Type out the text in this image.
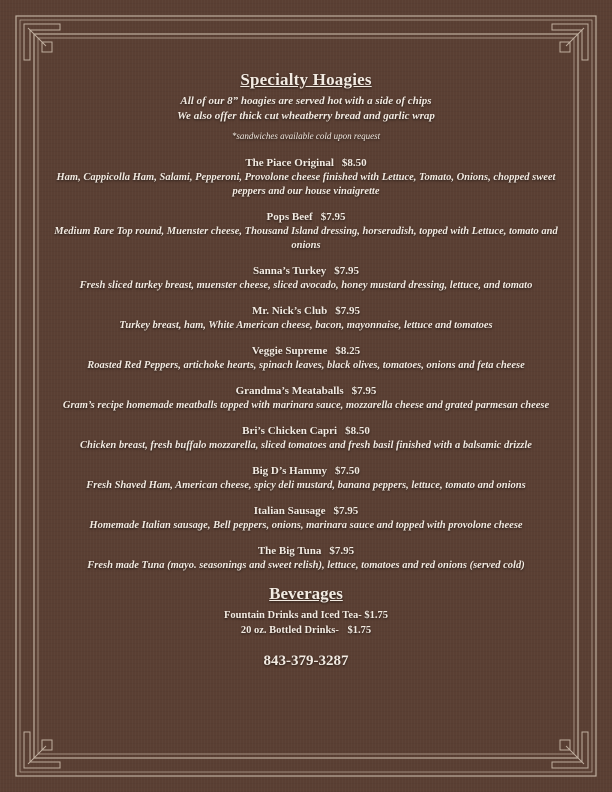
Specialty Hoagies
All of our 8” hoagies are served hot with a side of chips
We also offer thick cut wheatberry bread and garlic wrap
*sandwiches available cold upon request
The Piace Original $8.50
Ham, Cappicolla Ham, Salami, Pepperoni, Provolone cheese finished with Lettuce, Tomato, Onions, chopped sweet peppers and our house vinaigrette
Pops Beef $7.95
Medium Rare Top round, Muenster cheese, Thousand Island dressing, horseradish, topped with Lettuce, tomato and onions
Sanna’s Turkey $7.95
Fresh sliced turkey breast, muenster cheese, sliced avocado, honey mustard dressing, lettuce, and tomato
Mr. Nick’s Club $7.95
Turkey breast, ham, White American cheese, bacon, mayonnaise, lettuce and tomatoes
Veggie Supreme $8.25
Roasted Red Peppers, artichoke hearts, spinach leaves, black olives, tomatoes, onions and feta cheese
Grandma’s Meataballs $7.95
Gram’s recipe homemade meatballs topped with marinara sauce, mozzarella cheese and grated parmesan cheese
Bri’s Chicken Capri $8.50
Chicken breast, fresh buffalo mozzarella, sliced tomatoes and fresh basil finished with a balsamic drizzle
Big D’s Hammy $7.50
Fresh Shaved Ham, American cheese, spicy deli mustard, banana peppers, lettuce, tomato and onions
Italian Sausage $7.95
Homemade Italian sausage, Bell peppers, onions, marinara sauce and topped with provolone cheese
The Big Tuna $7.95
Fresh made Tuna (mayo. seasonings and sweet relish), lettuce, tomatoes and red onions (served cold)
Beverages
Fountain Drinks and Iced Tea- $1.75
20 oz. Bottled Drinks- $1.75
843-379-3287
